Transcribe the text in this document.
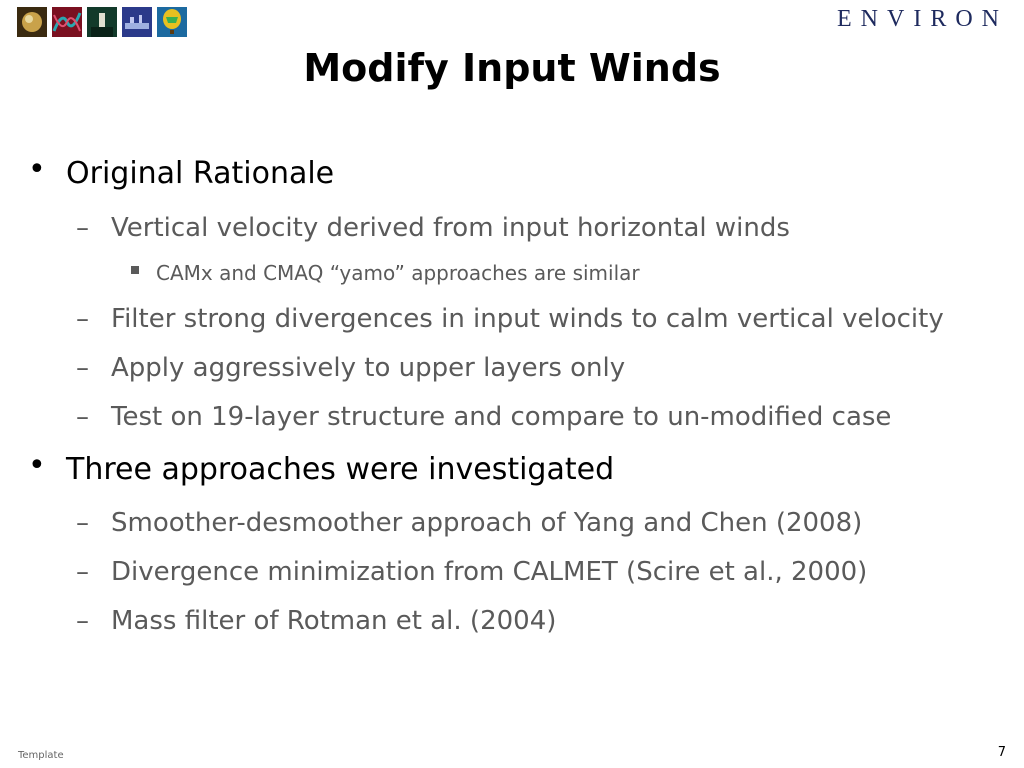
ENVIRON
Modify Input Winds
• Original Rationale
– Vertical velocity derived from input horizontal winds
CAMx and CMAQ “yamo” approaches are similar
– Filter strong divergences in input winds to calm vertical velocity
– Apply aggressively to upper layers only
– Test on 19-layer structure and compare to un-modified case
• Three approaches were investigated
– Smoother-desmoother approach of Yang and Chen (2008)
– Divergence minimization from CALMET (Scire et al., 2000)
– Mass filter of Rotman et al. (2004)
Template	7
